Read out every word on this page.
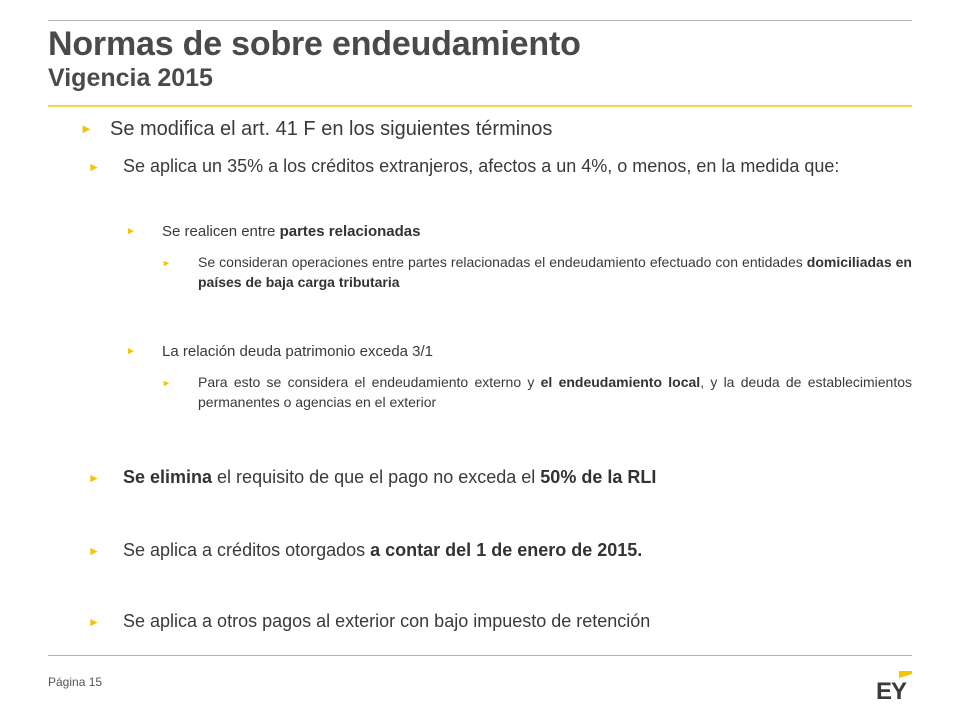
Normas de sobre endeudamiento
Vigencia 2015
► Se modifica el art. 41 F en los siguientes términos
► Se aplica un 35% a los créditos extranjeros, afectos a un 4%, o menos, en la medida que:
► Se realicen entre partes relacionadas
► Se consideran operaciones entre partes relacionadas el endeudamiento efectuado con entidades domiciliadas en países de baja carga tributaria
► La relación deuda patrimonio exceda 3/1
► Para esto se considera el endeudamiento externo y el endeudamiento local, y la deuda de establecimientos permanentes o agencias en el exterior
► Se elimina el requisito de que el pago no exceda el 50% de la RLI
► Se aplica a créditos otorgados a contar del 1 de enero de 2015.
► Se aplica a otros pagos al exterior con bajo impuesto de retención
Página 15	EY
